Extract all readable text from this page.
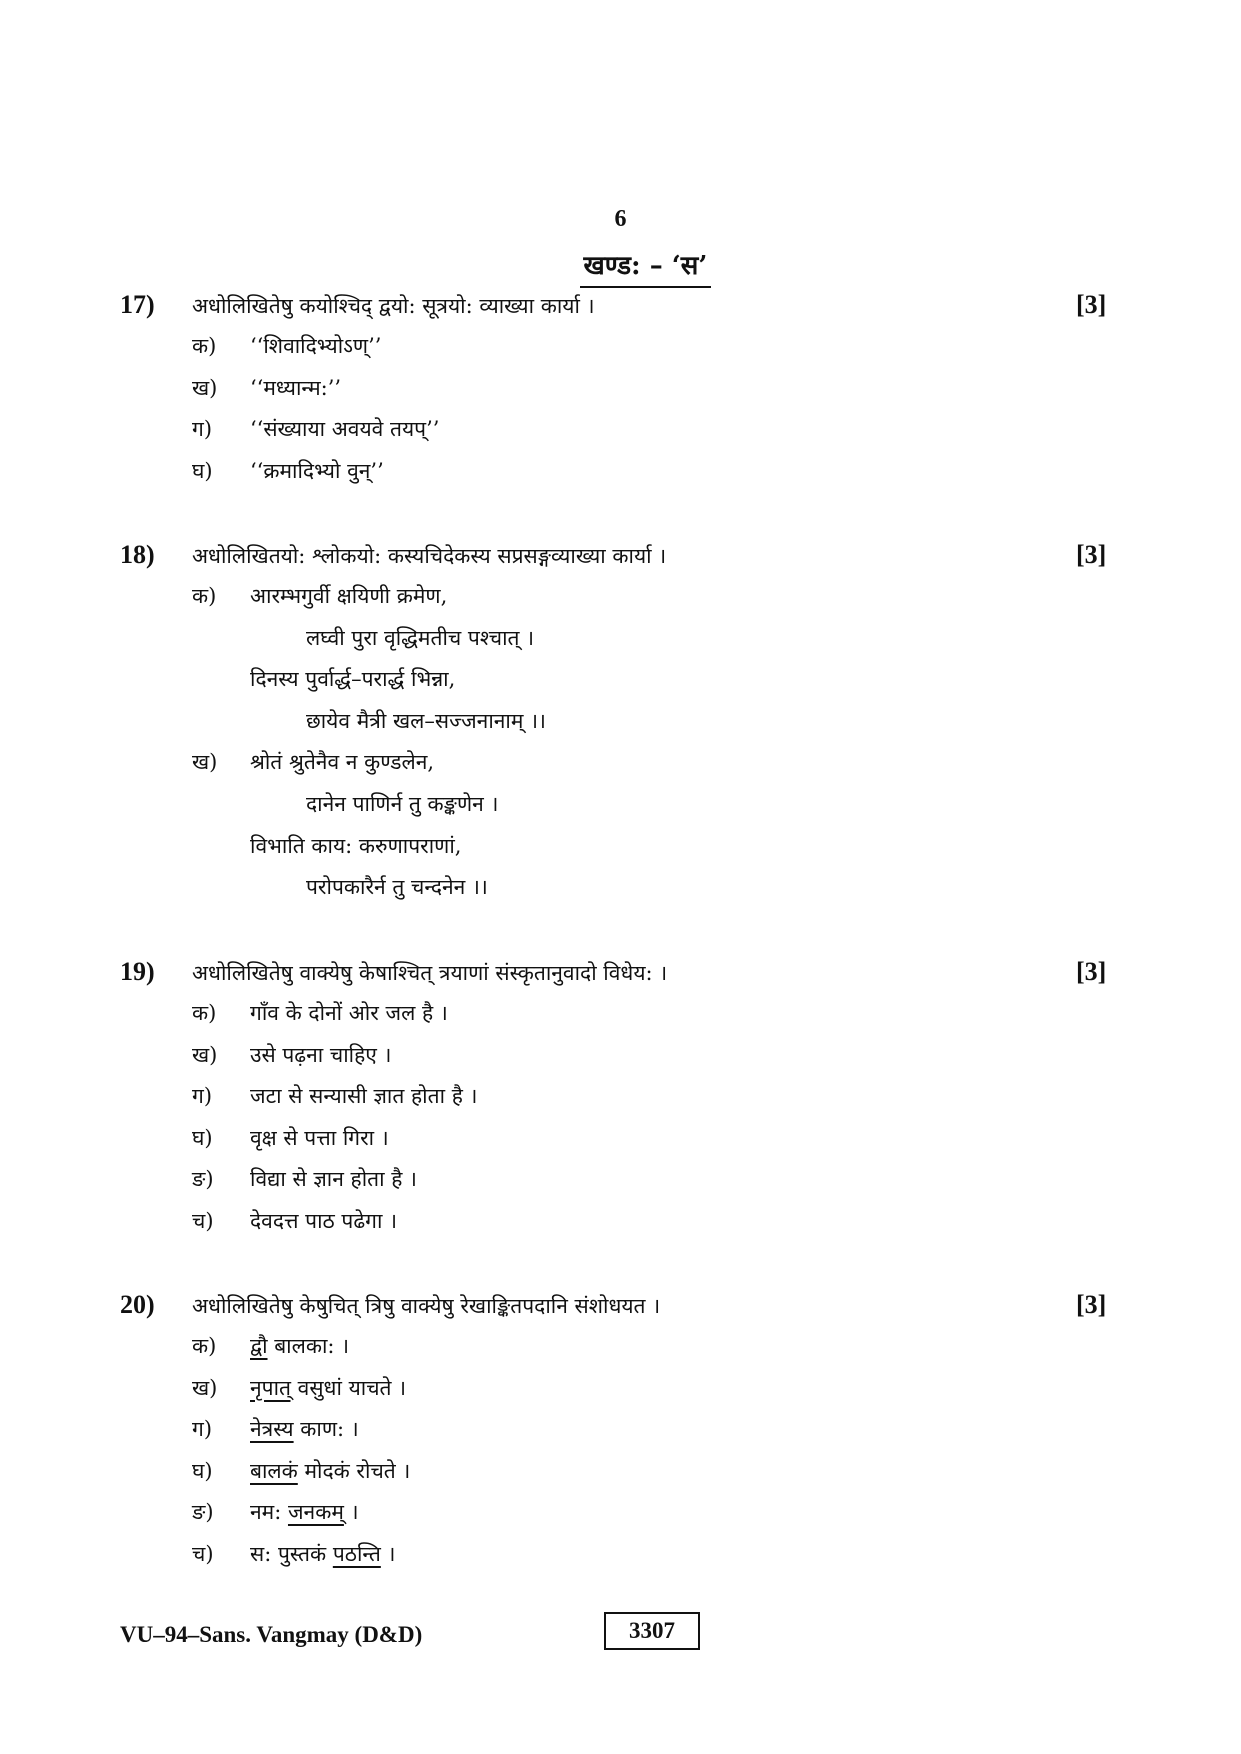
6
खण्ड: – ‘स’
17) अधोलिखितेषु कयोश्चिद् द्वयो: सूत्रयो: व्याख्या कार्या ।	[3]
क) ‘‘शिवादिभ्योऽण्’’
ख) ‘‘मध्यान्म:’’
ग) ‘‘संख्याया अवयवे तयप्’’
घ) ‘‘क्रमादिभ्यो वुन्’’
18) अधोलिखितयो: श्लोकयो: कस्यचिदेकस्य सप्रसङ्गव्याख्या कार्या ।	[3]
क) आरम्भगुर्वी क्षयिणी क्रमेण,
लघ्वी पुरा वृद्धिमतीच पश्चात् ।
दिनस्य पुर्वार्द्ध–परार्द्ध भिन्ना,
छायेव मैत्री खल–सज्जनानाम् ।।
ख) श्रोतं श्रुतेनैव न कुण्डलेन,
दानेन पाणिर्न तु कङ्कणेन ।
विभाति काय: करुणापराणां,
परोपकारैर्न तु चन्दनेन ।।
19) अधोलिखितेषु वाक्येषु केषाश्चित् त्रयाणां संस्कृतानुवादो विधेय: ।	[3]
क) गाँव के दोनों ओर जल है ।
ख) उसे पढ़ना चाहिए ।
ग) जटा से सन्यासी ज्ञात होता है ।
घ) वृक्ष से पत्ता गिरा ।
ङ) विद्या से ज्ञान होता है ।
च) देवदत्त पाठ पढेगा ।
20) अधोलिखितेषु केषुचित् त्रिषु वाक्येषु रेखाङ्कितपदानि संशोधयत ।	[3]
क) द्वौ बालका: ।
ख) नृपात् वसुधां याचते ।
ग) नेत्रस्य काण: ।
घ) बालकं मोदकं रोचते ।
ङ) नम: जनकम् ।
च) स: पुस्तकं पठन्ति ।
VU–94–Sans. Vangmay (D&D)	3307
